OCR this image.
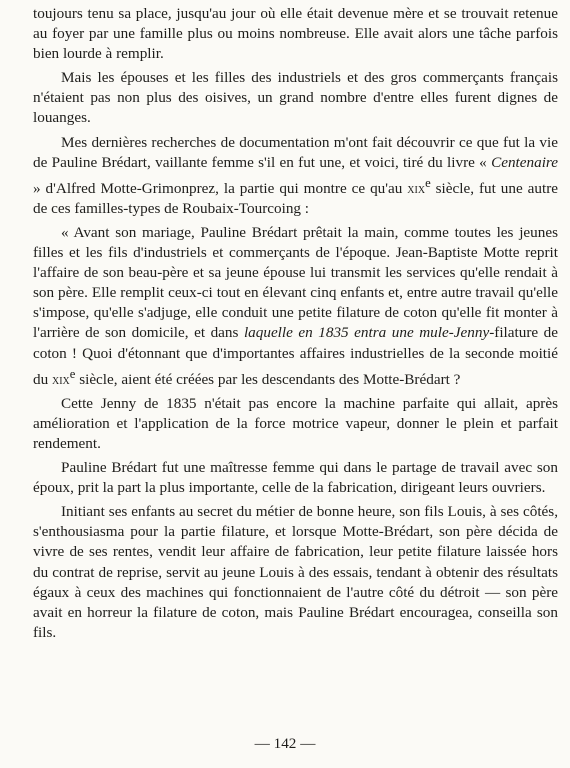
toujours tenu sa place, jusqu'au jour où elle était devenue mère et se trouvait retenue au foyer par une famille plus ou moins nombreuse. Elle avait alors une tâche parfois bien lourde à remplir.

Mais les épouses et les filles des industriels et des gros commerçants français n'étaient pas non plus des oisives, un grand nombre d'entre elles furent dignes de louanges.

Mes dernières recherches de documentation m'ont fait découvrir ce que fut la vie de Pauline Brédart, vaillante femme s'il en fut une, et voici, tiré du livre « Centenaire » d'Alfred Motte-Grimonprez, la partie qui montre ce qu'au xix$^e$ siècle, fut une autre de ces familles-types de Roubaix-Tourcoing :

« Avant son mariage, Pauline Brédart prêtait la main, comme toutes les jeunes filles et les fils d'industriels et commerçants de l'époque. Jean-Baptiste Motte reprit l'affaire de son beau-père et sa jeune épouse lui transmit les services qu'elle rendait à son père. Elle remplit ceux-ci tout en élevant cinq enfants et, entre autre travail qu'elle s'impose, qu'elle s'adjuge, elle conduit une petite filature de coton qu'elle fit monter à l'arrière de son domicile, et dans laquelle en 1835 entra une mule-Jenny-filature de coton ! Quoi d'étonnant que d'importantes affaires industrielles de la seconde moitié du xix$^e$ siècle, aient été créées par les descendants des Motte-Brédart ?

Cette Jenny de 1835 n'était pas encore la machine parfaite qui allait, après amélioration et l'application de la force motrice vapeur, donner le plein et parfait rendement.

Pauline Brédart fut une maîtresse femme qui dans le partage de travail avec son époux, prit la part la plus importante, celle de la fabrication, dirigeant leurs ouvriers.

Initiant ses enfants au secret du métier de bonne heure, son fils Louis, à ses côtés, s'enthousiasma pour la partie filature, et lorsque Motte-Brédart, son père décida de vivre de ses rentes, vendit leur affaire de fabrication, leur petite filature laissée hors du contrat de reprise, servit au jeune Louis à des essais, tendant à obtenir des résultats égaux à ceux des machines qui fonctionnaient de l'autre côté du détroit — son père avait en horreur la filature de coton, mais Pauline Brédart encouragea, conseilla son fils.

— 142 —
